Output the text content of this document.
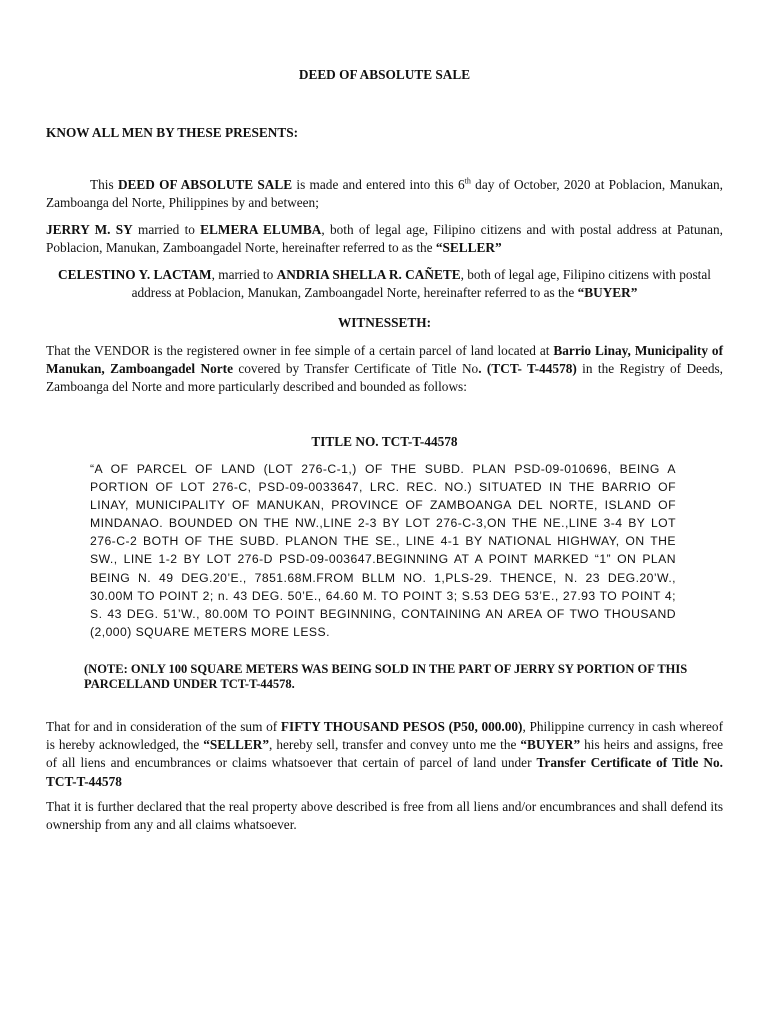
DEED OF ABSOLUTE SALE
KNOW ALL MEN BY THESE PRESENTS:
This DEED OF ABSOLUTE SALE is made and entered into this 6th day of October, 2020 at Poblacion, Manukan, Zamboanga del Norte, Philippines by and between;
JERRY M. SY married to ELMERA ELUMBA, both of legal age, Filipino citizens and with postal address at Patunan, Poblacion, Manukan, Zamboangadel Norte, hereinafter referred to as the “SELLER”
CELESTINO Y. LACTAM, married to ANDRIA SHELLA R. CAÑETE, both of legal age, Filipino citizens with postal address at Poblacion, Manukan, Zamboangadel Norte, hereinafter referred to as the “BUYER”
WITNESSETH:
That the VENDOR is the registered owner in fee simple of a certain parcel of land located at Barrio Linay, Municipality of Manukan, Zamboangadel Norte covered by Transfer Certificate of Title No. (TCT- T-44578) in the Registry of Deeds, Zamboanga del Norte and more particularly described and bounded as follows:
TITLE NO. TCT-T-44578
“A OF PARCEL OF LAND (LOT 276-C-1,) OF THE SUBD. PLAN PSD-09-010696, BEING A PORTION OF LOT 276-C, PSD-09-0033647, LRC. REC. NO.) SITUATED IN THE BARRIO OF LINAY, MUNICIPALITY OF MANUKAN, PROVINCE OF ZAMBOANGA DEL NORTE, ISLAND OF MINDANAO. BOUNDED ON THE NW.,LINE 2-3 BY LOT 276-C-3,ON THE NE.,LINE 3-4 BY LOT 276-C-2 BOTH OF THE SUBD. PLANON THE SE., LINE 4-1 BY NATIONAL HIGHWAY, ON THE SW., LINE 1-2 BY LOT 276-D PSD-09-003647.BEGINNING AT A POINT MARKED “1” ON PLAN BEING N. 49 DEG.20’E., 7851.68M.FROM BLLM NO. 1,PLS-29. THENCE, N. 23 DEG.20’W., 30.00M TO POINT 2; n. 43 DEG. 50’E., 64.60 M. TO POINT 3; S.53 DEG 53’E., 27.93 TO POINT 4; S. 43 DEG. 51’W., 80.00M TO POINT BEGINNING, CONTAINING AN AREA OF TWO THOUSAND (2,000) SQUARE METERS MORE LESS.
(NOTE: ONLY 100 SQUARE METERS WAS BEING SOLD IN THE PART OF JERRY SY PORTION OF THIS PARCELLAND UNDER TCT-T-44578.
That for and in consideration of the sum of FIFTY THOUSAND PESOS (P50, 000.00), Philippine currency in cash whereof is hereby acknowledged, the “SELLER”, hereby sell, transfer and convey unto me the “BUYER” his heirs and assigns, free of all liens and encumbrances or claims whatsoever that certain of parcel of land under Transfer Certificate of Title No. TCT-T-44578
That it is further declared that the real property above described is free from all liens and/or encumbrances and shall defend its ownership from any and all claims whatsoever.
